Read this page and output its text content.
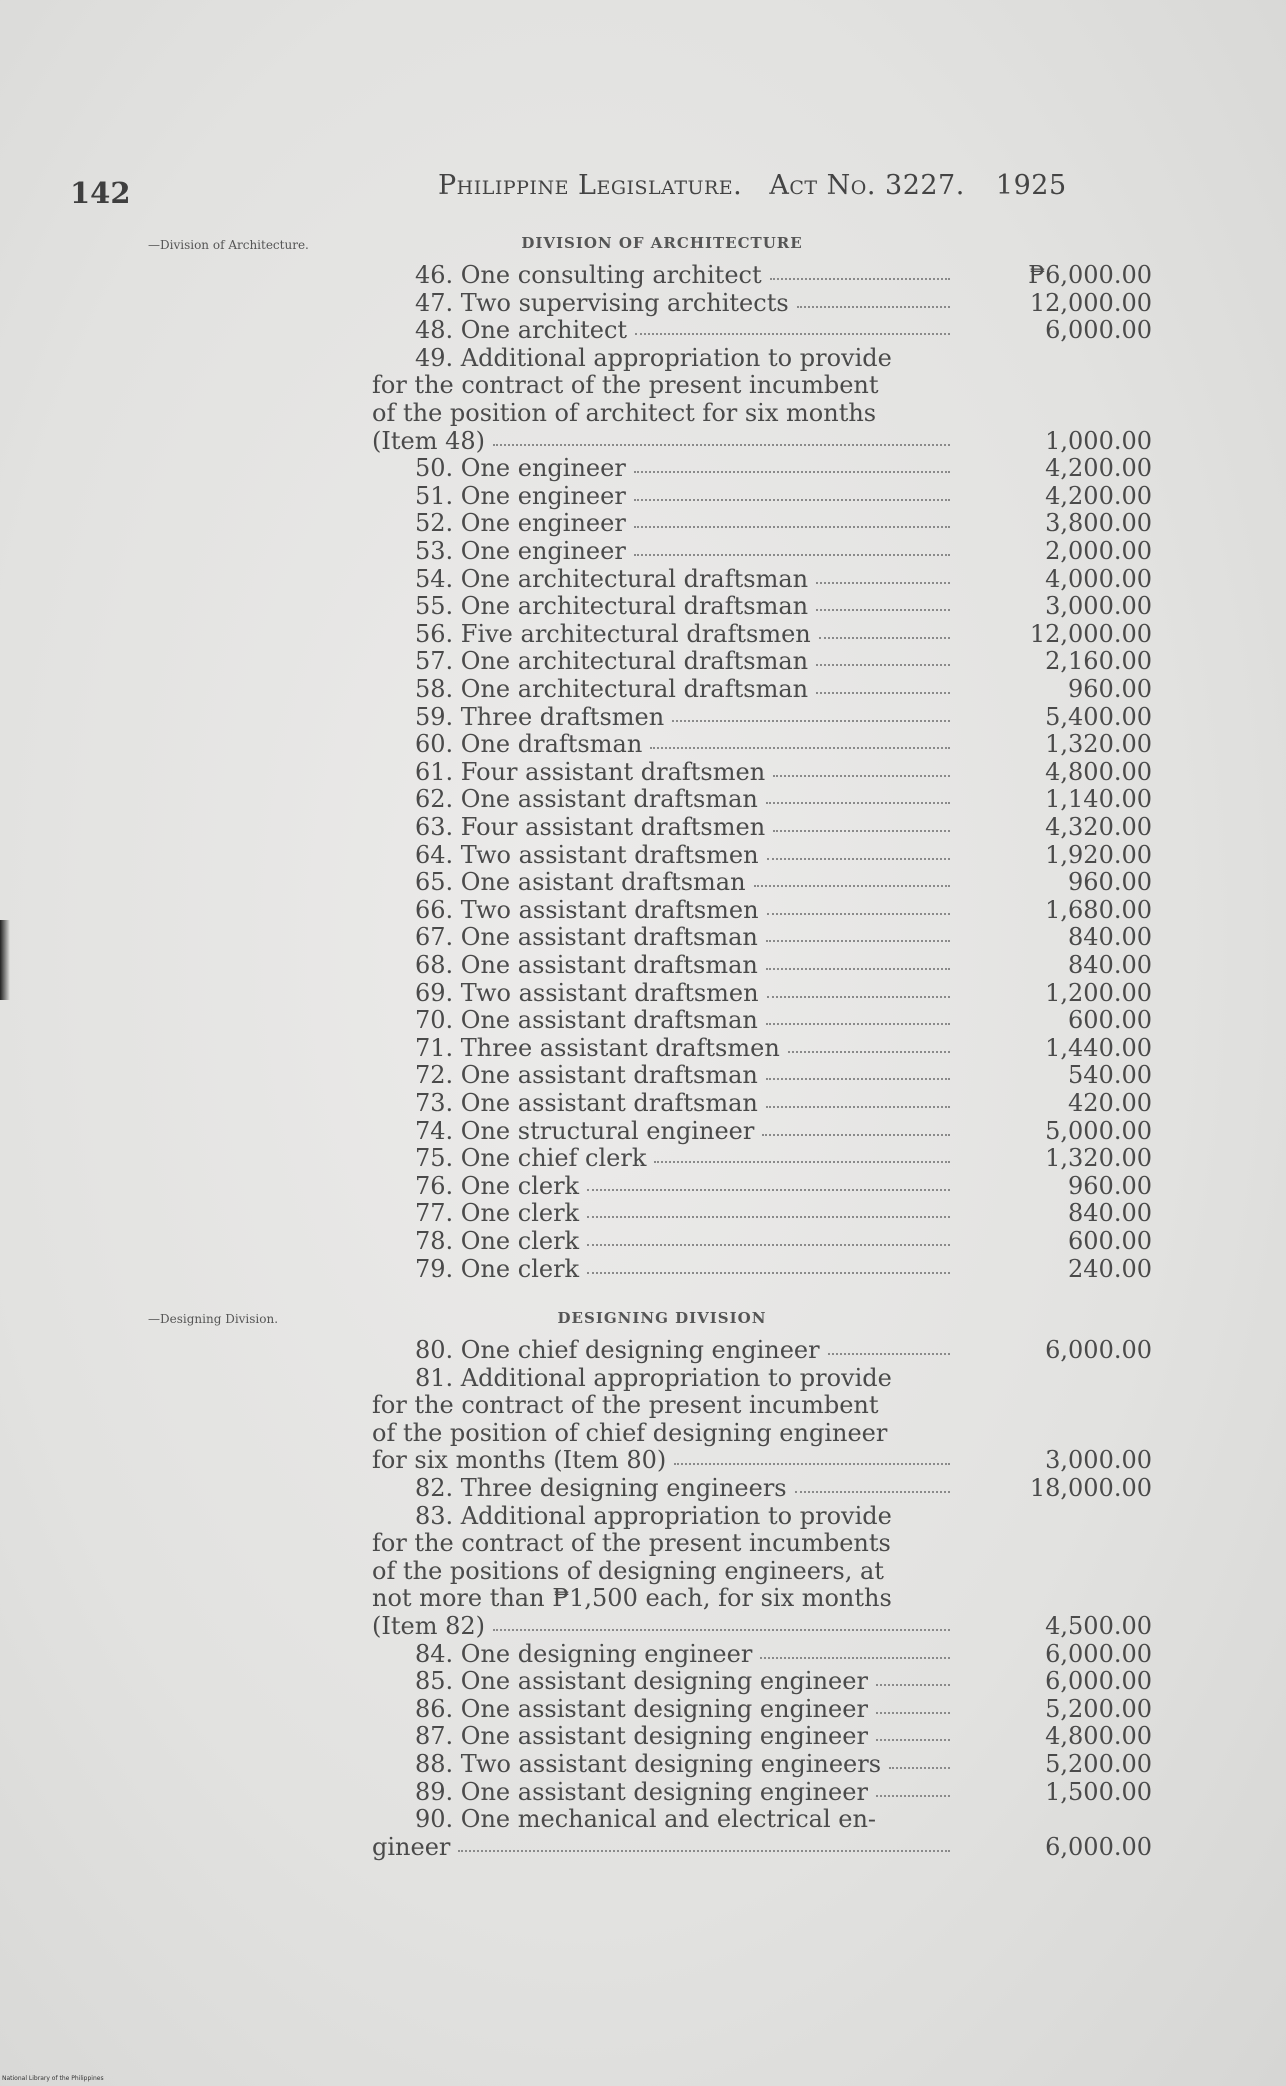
142	Philippine Legislature. Act No. 3227. 1925
—Division of Architecture.	DIVISION OF ARCHITECTURE
46. One consulting architect	₱6,000.00
47. Two supervising architects	12,000.00
48. One architect	6,000.00
49. Additional appropriation to provide
for the contract of the present incumbent
of the position of architect for six months
(Item 48)	1,000.00
50. One engineer	4,200.00
51. One engineer	4,200.00
52. One engineer	3,800.00
53. One engineer	2,000.00
54. One architectural draftsman	4,000.00
55. One architectural draftsman	3,000.00
56. Five architectural draftsmen	12,000.00
57. One architectural draftsman	2,160.00
58. One architectural draftsman	960.00
59. Three draftsmen	5,400.00
60. One draftsman	1,320.00
61. Four assistant draftsmen	4,800.00
62. One assistant draftsman	1,140.00
63. Four assistant draftsmen	4,320.00
64. Two assistant draftsmen	1,920.00
65. One asistant draftsman	960.00
66. Two assistant draftsmen	1,680.00
67. One assistant draftsman	840.00
68. One assistant draftsman	840.00
69. Two assistant draftsmen	1,200.00
70. One assistant draftsman	600.00
71. Three assistant draftsmen	1,440.00
72. One assistant draftsman	540.00
73. One assistant draftsman	420.00
74. One structural engineer	5,000.00
75. One chief clerk	1,320.00
76. One clerk	960.00
77. One clerk	840.00
78. One clerk	600.00
79. One clerk	240.00
—Designing Division.	DESIGNING DIVISION
80. One chief designing engineer	6,000.00
81. Additional appropriation to provide
for the contract of the present incumbent
of the position of chief designing engineer
for six months (Item 80)	3,000.00
82. Three designing engineers	18,000.00
83. Additional appropriation to provide
for the contract of the present incumbents
of the positions of designing engineers, at
not more than ₱1,500 each, for six months
(Item 82)	4,500.00
84. One designing engineer	6,000.00
85. One assistant designing engineer	6,000.00
86. One assistant designing engineer	5,200.00
87. One assistant designing engineer	4,800.00
88. Two assistant designing engineers	5,200.00
89. One assistant designing engineer	1,500.00
90. One mechanical and electrical en-
gineer	6,000.00
National Library of the Philippines
